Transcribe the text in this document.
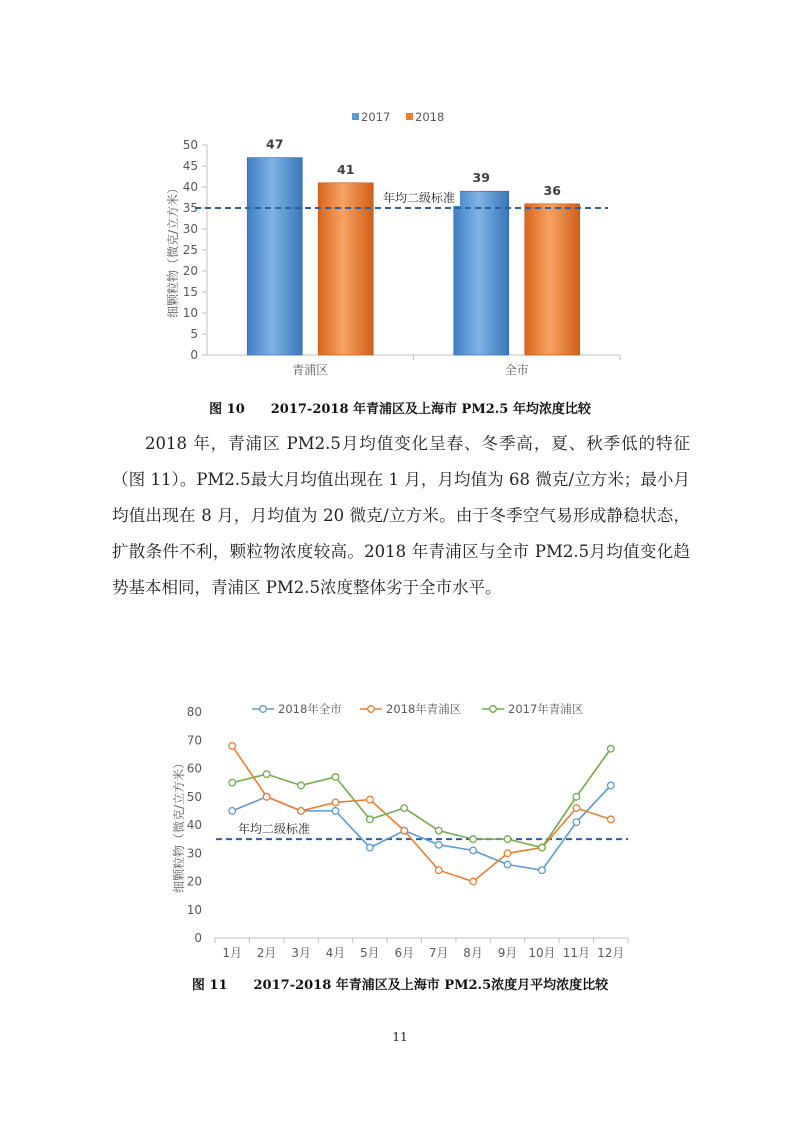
0
5
10
15
20
25
30
35
40
45
50
细颗粒物（微克/立方米）
青浦区
47
41
全市
39
36
年均二级标准
2017 2018
图 10 2017-2018 年青浦区及上海市 PM2.5 年均浓度比较
2018 年，青浦区 PM2.5月均值变化呈春、冬季高，夏、秋季低的特征（图 11）。PM2.5最大月均值出现在 1 月，月均值为 68 微克/立方米；最小月均值出现在 8 月，月均值为 20 微克/立方米。由于冬季空气易形成静稳状态，扩散条件不利，颗粒物浓度较高。2018 年青浦区与全市 PM2.5月均值变化趋势基本相同，青浦区 PM2.5浓度整体劣于全市水平。
0
10
20
30
40
50
60
70
80
1月 2月 3月 4月 5月 6月 7月 8月 9月 10月 11月 12月
细颗粒物（微克/立方米）	年均二级标准
2018年全市	2018年青浦区	2017年青浦区
图 11 2017-2018 年青浦区及上海市 PM2.5浓度月平均浓度比较
11
